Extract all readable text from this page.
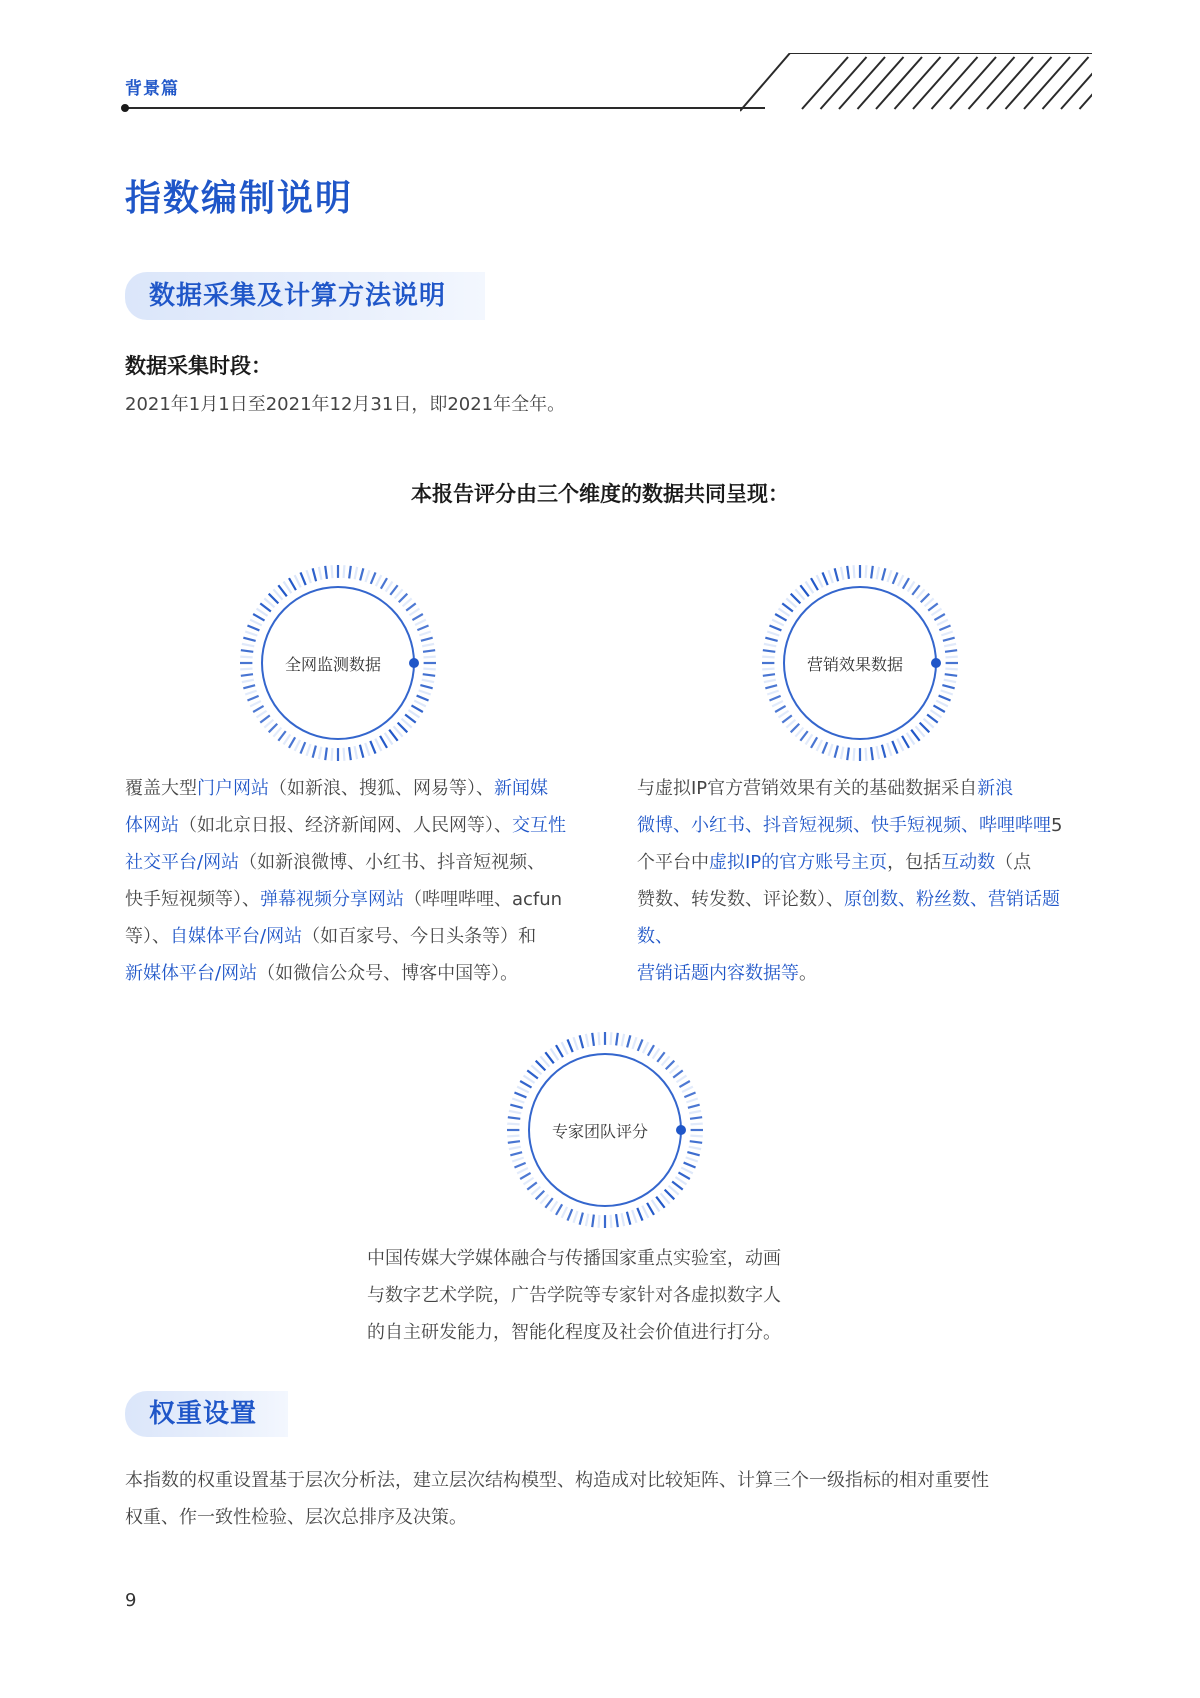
背景篇
指数编制说明
数据采集及计算方法说明
数据采集时段：
2021年1月1日至2021年12月31日，即2021年全年。
本报告评分由三个维度的数据共同呈现：
全网监测数据	营销效果数据
专家团队评分
覆盖大型门户网站（如新浪、搜狐、网易等）、新闻媒
体网站（如北京日报、经济新闻网、人民网等）、交互性
社交平台/网站（如新浪微博、小红书、抖音短视频、
快手短视频等）、弹幕视频分享网站（哔哩哔哩、acfun
等）、自媒体平台/网站（如百家号、今日头条等）和
新媒体平台/网站（如微信公众号、博客中国等）。
与虚拟IP官方营销效果有关的基础数据采自新浪
微博、小红书、抖音短视频、快手短视频、哔哩哔哩5
个平台中虚拟IP的官方账号主页，包括互动数（点
赞数、转发数、评论数）、原创数、粉丝数、营销话题数、
营销话题内容数据等。
中国传媒大学媒体融合与传播国家重点实验室，动画
与数字艺术学院，广告学院等专家针对各虚拟数字人
的自主研发能力，智能化程度及社会价值进行打分。
权重设置
本指数的权重设置基于层次分析法，建立层次结构模型、构造成对比较矩阵、计算三个一级指标的相对重要性
权重、作一致性检验、层次总排序及决策。
9
